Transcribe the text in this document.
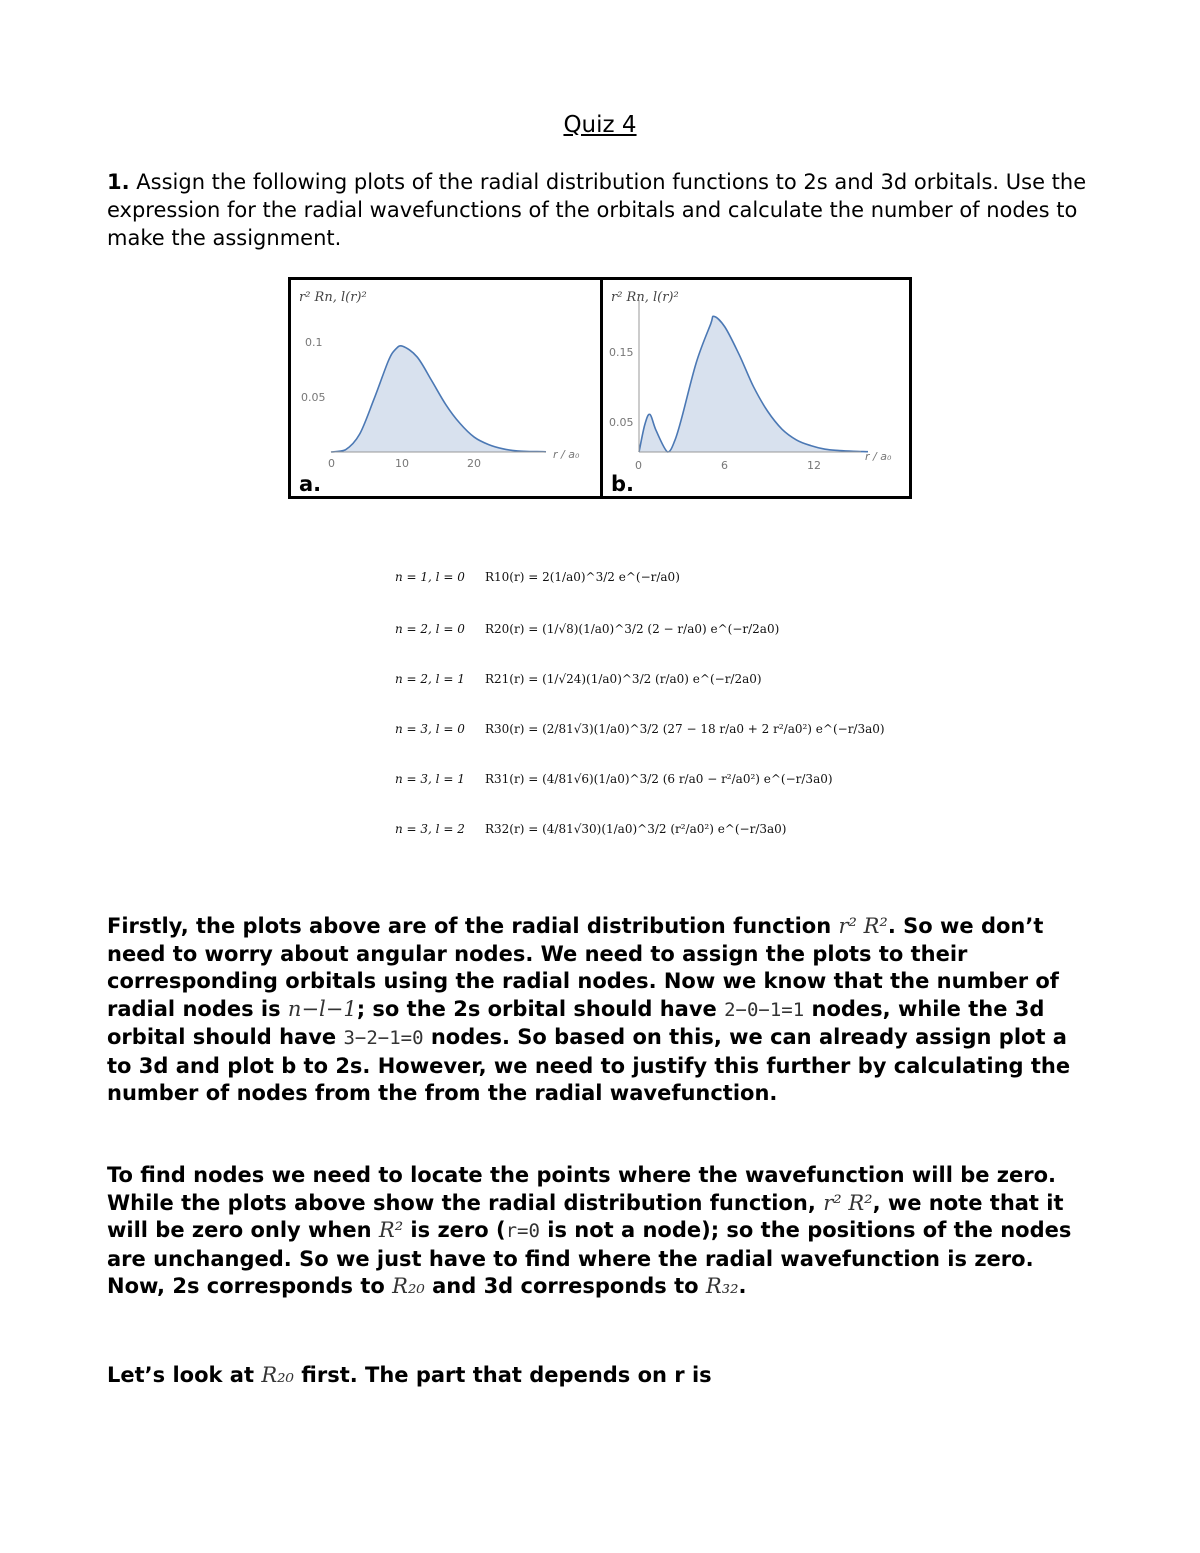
Quiz 4
1. Assign the following plots of the radial distribution functions to 2s and 3d orbitals. Use the expression for the radial wavefunctions of the orbitals and calculate the number of nodes to make the assignment.
0.1
0.05
0	10	20
r / a₀
r² Rn, l(r)²
a.
0.15
0.05
0	6	12
r / a₀
r² Rn, l(r)²
b.
n = 1, l = 0 R10(r) = 2(1/a0)^3/2 e^(−r/a0)
n = 2, l = 0 R20(r) = (1/√8)(1/a0)^3/2 (2 − r/a0) e^(−r/2a0)
n = 2, l = 1 R21(r) = (1/√24)(1/a0)^3/2 (r/a0) e^(−r/2a0)
n = 3, l = 0 R30(r) = (2/81√3)(1/a0)^3/2 (27 − 18 r/a0 + 2 r²/a0²) e^(−r/3a0)
n = 3, l = 1 R31(r) = (4/81√6)(1/a0)^3/2 (6 r/a0 − r²/a0²) e^(−r/3a0)
n = 3, l = 2 R32(r) = (4/81√30)(1/a0)^3/2 (r²/a0²) e^(−r/3a0)
Firstly, the plots above are of the radial distribution function r² R². So we don’t need to worry about angular nodes. We need to assign the plots to their corresponding orbitals using the radial nodes. Now we know that the number of radial nodes is n−l−1; so the 2s orbital should have 2−0−1=1 nodes, while the 3d orbital should have 3−2−1=0 nodes. So based on this, we can already assign plot a to 3d and plot b to 2s. However, we need to justify this further by calculating the number of nodes from the from the radial wavefunction.
To find nodes we need to locate the points where the wavefunction will be zero. While the plots above show the radial distribution function, r² R², we note that it will be zero only when R² is zero (r=0 is not a node); so the positions of the nodes are unchanged. So we just have to find where the radial wavefunction is zero. Now, 2s corresponds to R₂₀ and 3d corresponds to R₃₂.
Let’s look at R₂₀ first. The part that depends on r is
